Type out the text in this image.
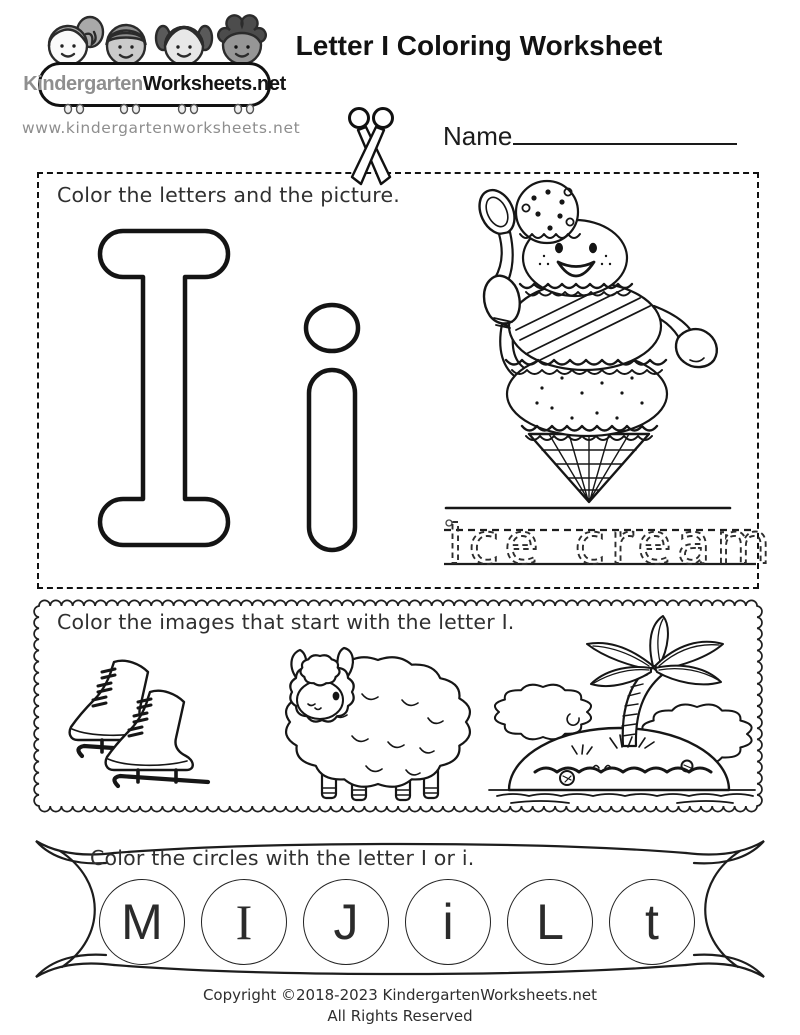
Kindergarten Worksheets.net
www.kindergartenworksheets.net
Letter I Coloring Worksheet
Name
Color the letters and the picture.
Ice cream
Color the images that start with the letter I.
Color the circles with the letter I or i.
M I J i L t
Copyright ©2018-2023 KindergartenWorksheets.net
All Rights Reserved
